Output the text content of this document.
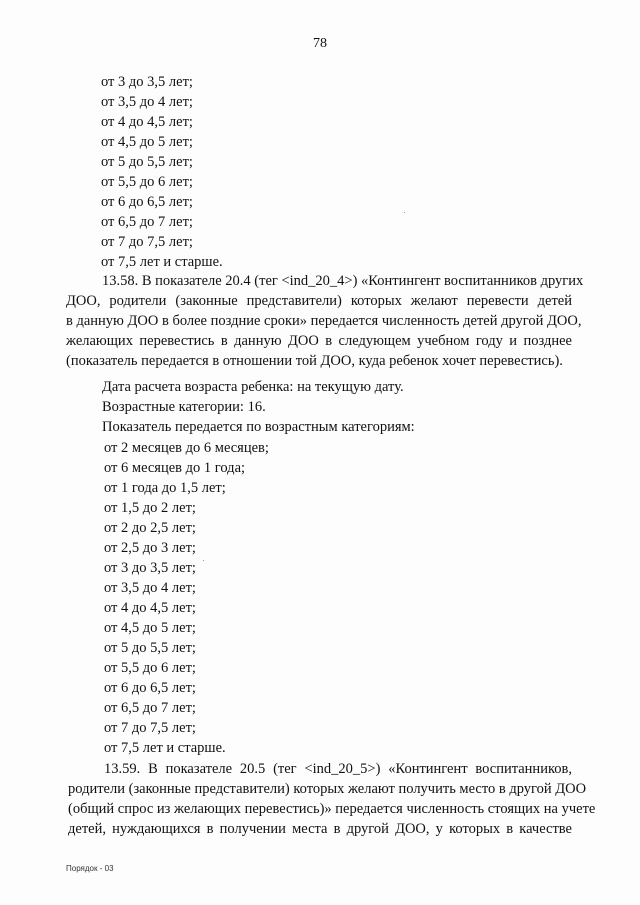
78
от 3 до 3,5 лет;
от 3,5 до 4 лет;
от 4 до 4,5 лет;
от 4,5 до 5 лет;
от 5 до 5,5 лет;
от 5,5 до 6 лет;
от 6 до 6,5 лет;
от 6,5 до 7 лет;
от 7 до 7,5 лет;
от 7,5 лет и старше.
13.58. В показателе 20.4 (тег <ind_20_4>) «Контингент воспитанников других
ДОО, родители (законные представители) которых желают перевести детей
в данную ДОО в более поздние сроки» передается численность детей другой ДОО,
желающих перевестись в данную ДОО в следующем учебном году и позднее
(показатель передается в отношении той ДОО, куда ребенок хочет перевестись).
Дата расчета возраста ребенка: на текущую дату.
Возрастные категории: 16.
Показатель передается по возрастным категориям:
от 2 месяцев до 6 месяцев;
от 6 месяцев до 1 года;
от 1 года до 1,5 лет;
от 1,5 до 2 лет;
от 2 до 2,5 лет;
от 2,5 до 3 лет;
от 3 до 3,5 лет;
от 3,5 до 4 лет;
от 4 до 4,5 лет;
от 4,5 до 5 лет;
от 5 до 5,5 лет;
от 5,5 до 6 лет;
от 6 до 6,5 лет;
от 6,5 до 7 лет;
от 7 до 7,5 лет;
от 7,5 лет и старше.
13.59. В показателе 20.5 (тег <ind_20_5>) «Контингент воспитанников,
родители (законные представители) которых желают получить место в другой ДОО
(общий спрос из желающих перевестись)» передается численность стоящих на учете
детей, нуждающихся в получении места в другой ДОО, у которых в качестве
Порядок - 03
